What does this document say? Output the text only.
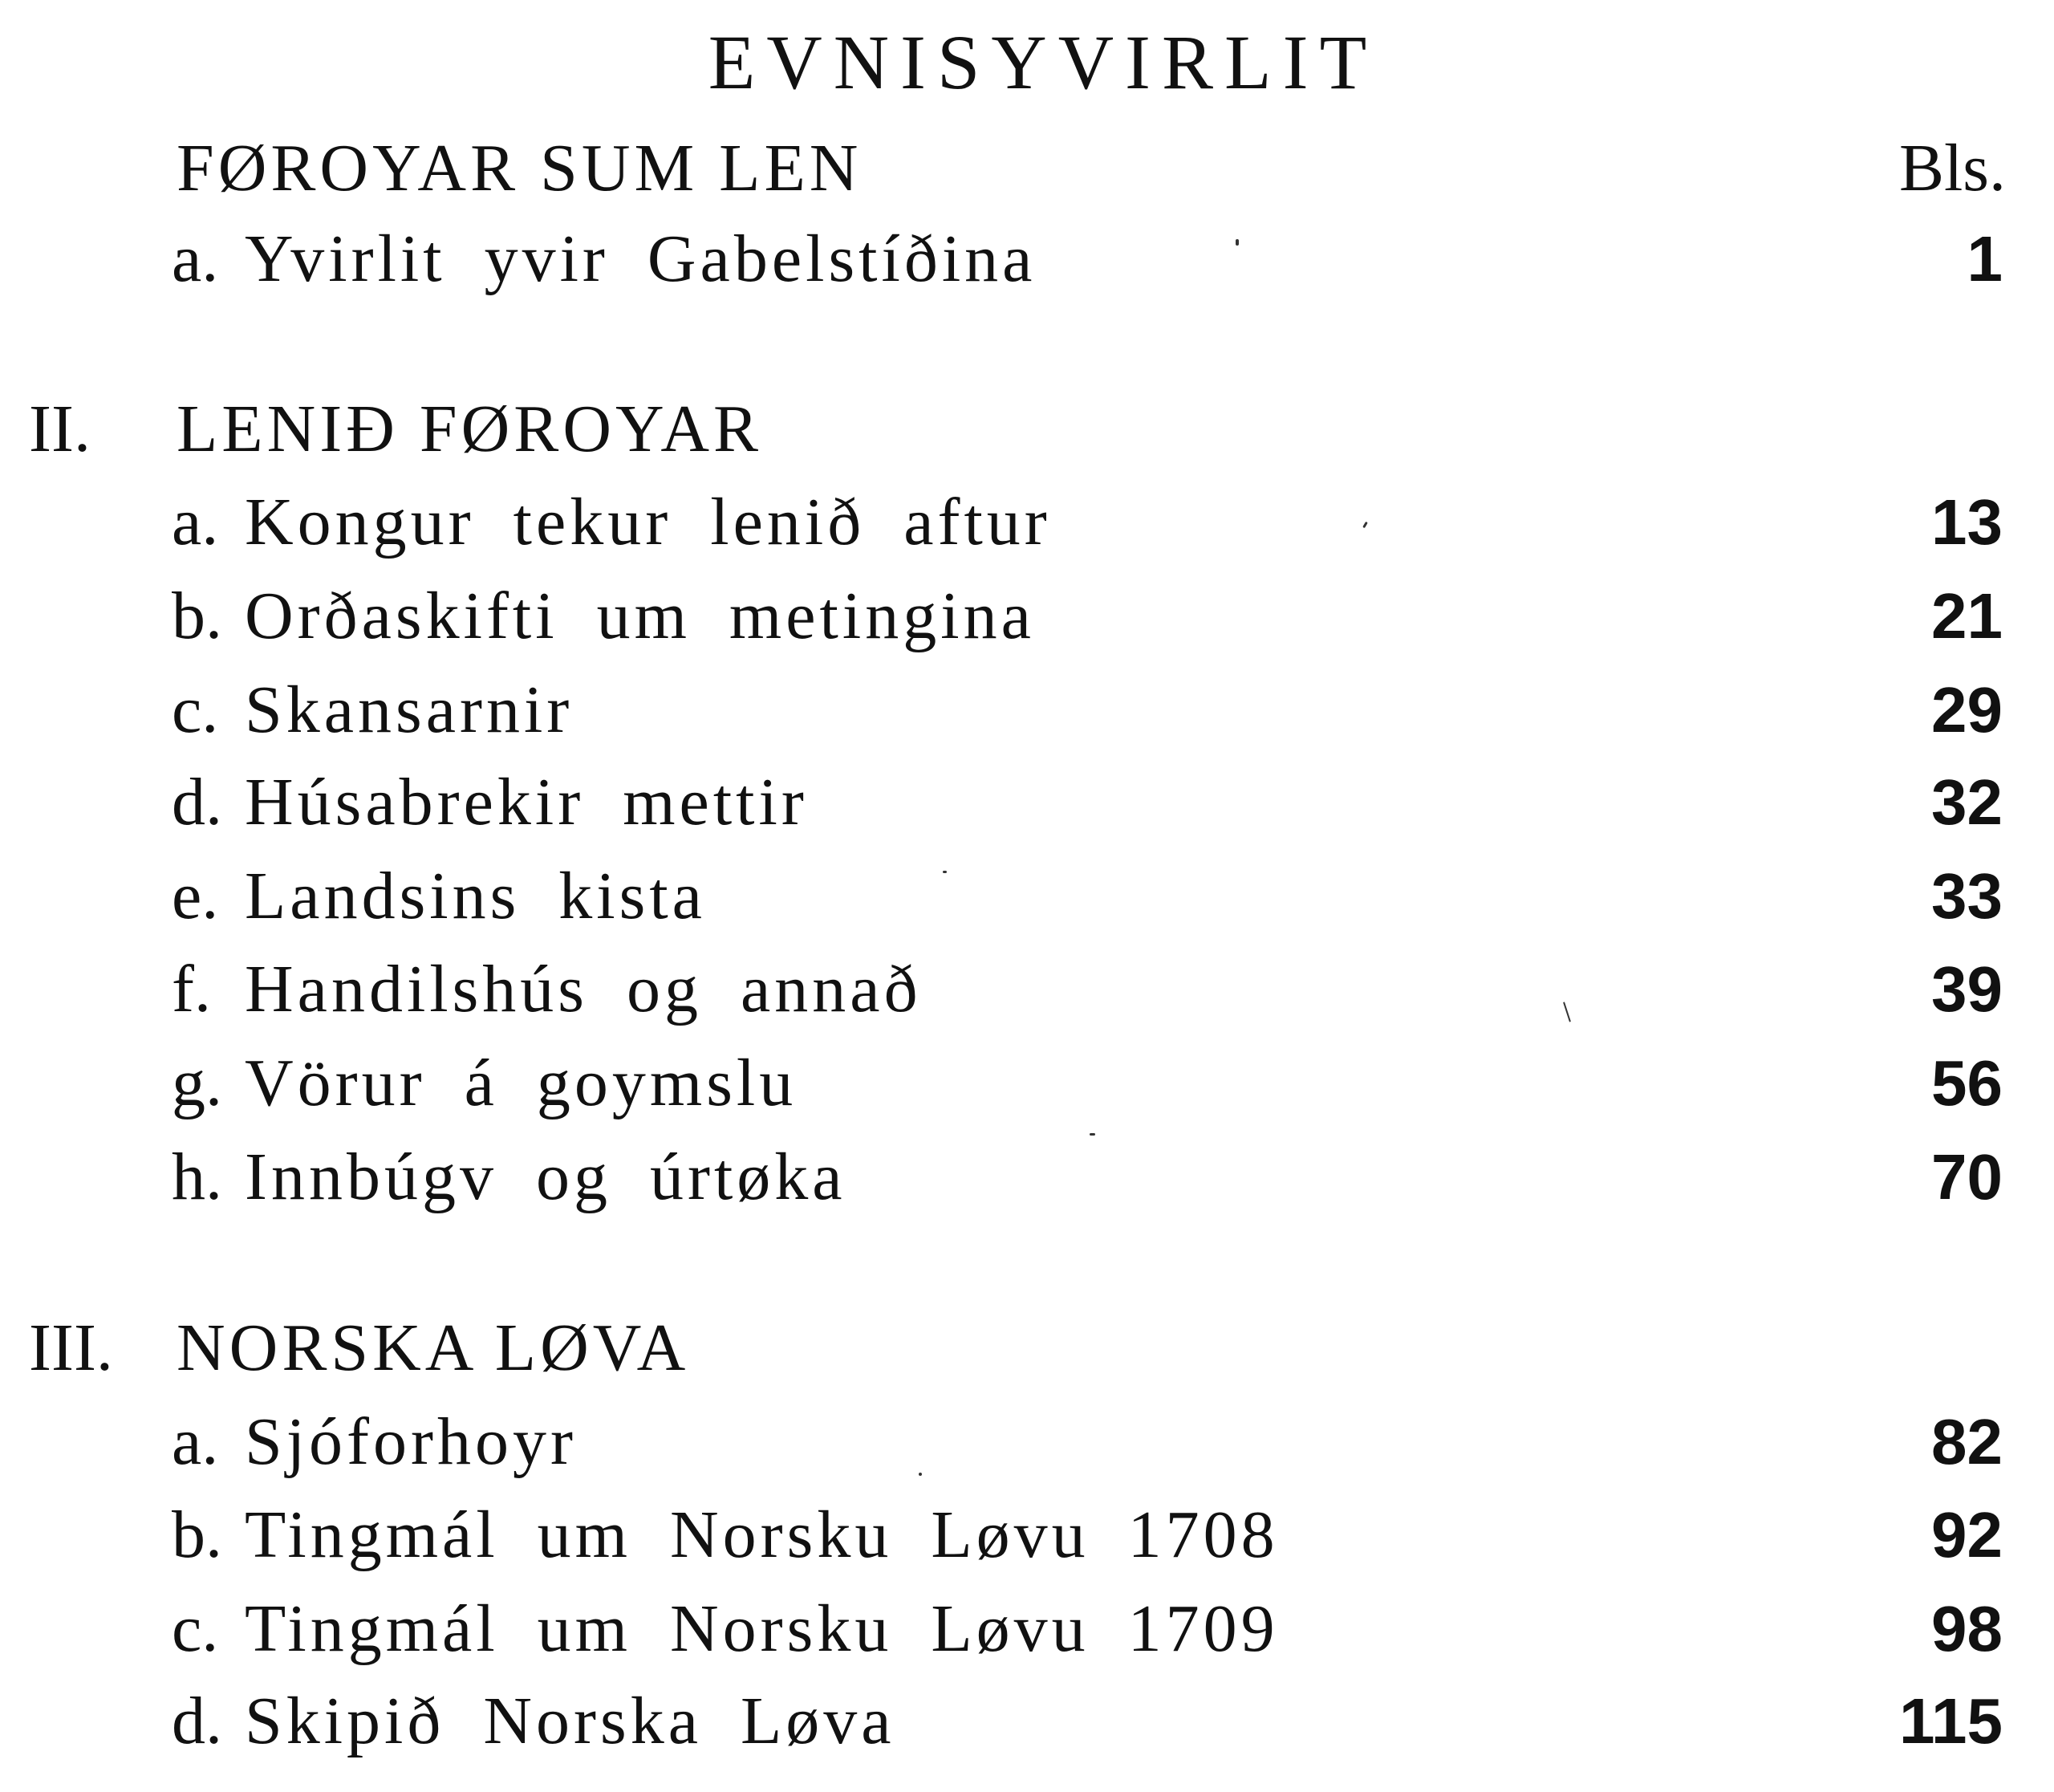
EVNISYVIRLIT
FØROYAR SUM LEN	Bls.
a. Yvirlit yvir Gabelstíðina	1
II. LENIÐ FØROYAR
a. Kongur tekur lenið aftur	13
b. Orðaskifti um metingina	21
c. Skansarnir	29
d. Húsabrekir mettir	32
e. Landsins kista	33
f. Handilshús og annað	39
g. Vörur á goymslu	56
h. Innbúgv og úrtøka	70
III. NORSKA LØVA
a. Sjóforhoyr	82
b. Tingmál um Norsku Løvu 1708	92
c. Tingmál um Norsku Løvu 1709	98
d. Skipið Norska Løva	115
